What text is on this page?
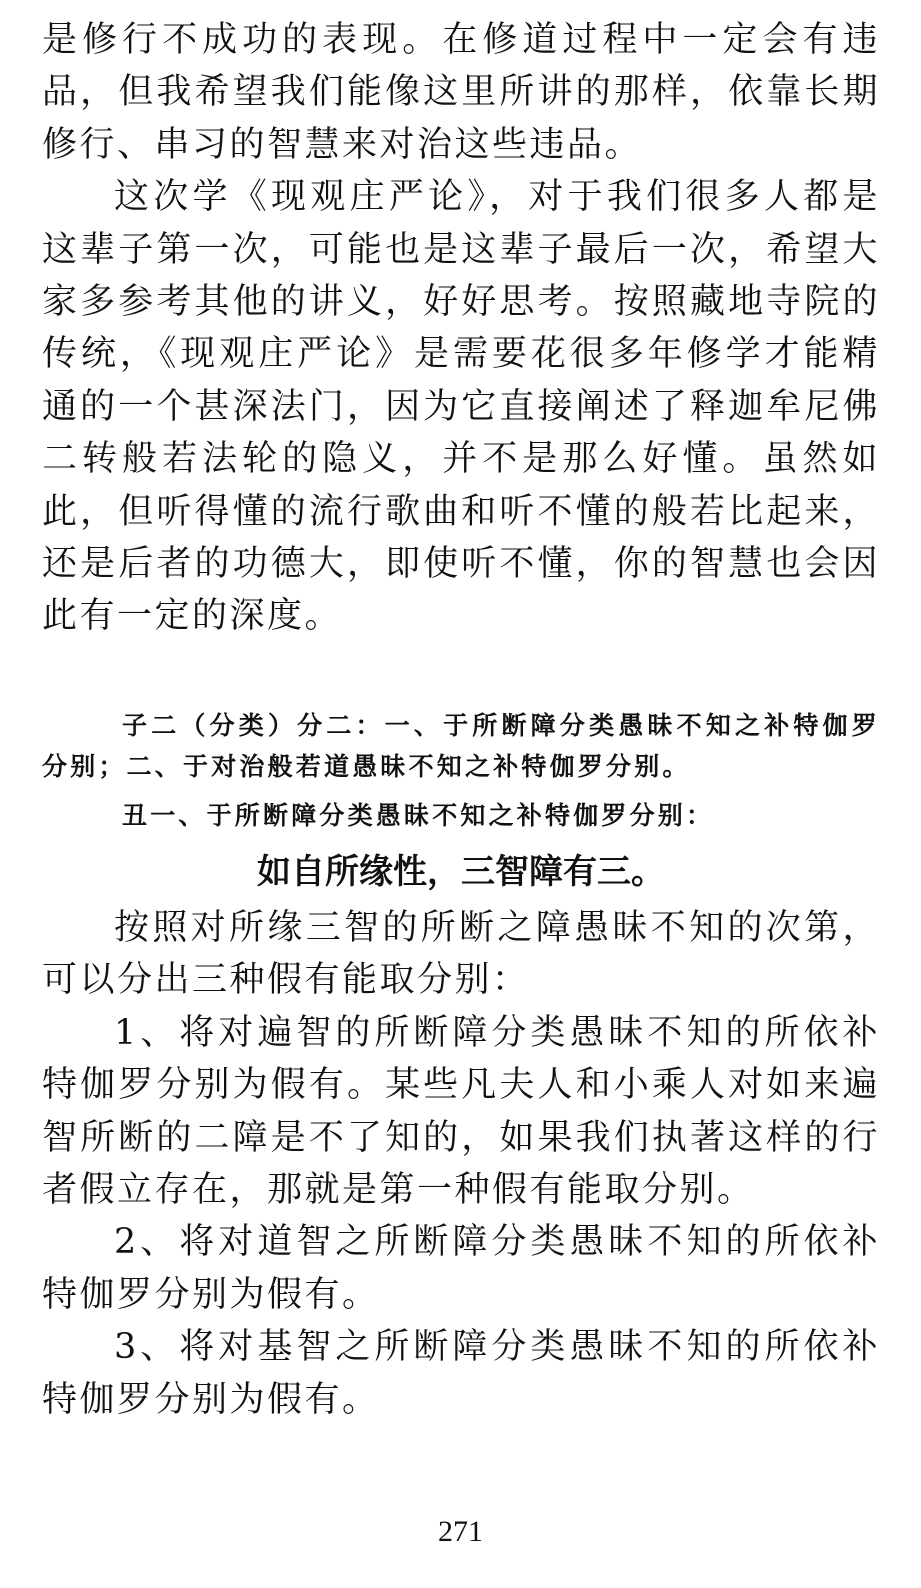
是修行不成功的表现。在修道过程中一定会有违品，但我希望我们能像这里所讲的那样，依靠长期修行、串习的智慧来对治这些违品。

这次学《现观庄严论》，对于我们很多人都是这辈子第一次，可能也是这辈子最后一次，希望大家多参考其他的讲义，好好思考。按照藏地寺院的传统，《现观庄严论》是需要花很多年修学才能精通的一个甚深法门，因为它直接阐述了释迦牟尼佛二转般若法轮的隐义，并不是那么好懂。虽然如此，但听得懂的流行歌曲和听不懂的般若比起来，还是后者的功德大，即使听不懂，你的智慧也会因此有一定的深度。

子二（分类）分二：一、于所断障分类愚昧不知之补特伽罗分别；二、于对治般若道愚昧不知之补特伽罗分别。

丑一、于所断障分类愚昧不知之补特伽罗分别：

如自所缘性，三智障有三。

按照对所缘三智的所断之障愚昧不知的次第，可以分出三种假有能取分别：

1、将对遍智的所断障分类愚昧不知的所依补特伽罗分别为假有。某些凡夫人和小乘人对如来遍智所断的二障是不了知的，如果我们执著这样的行者假立存在，那就是第一种假有能取分别。

2、将对道智之所断障分类愚昧不知的所依补特伽罗分别为假有。

3、将对基智之所断障分类愚昧不知的所依补特伽罗分别为假有。

271
